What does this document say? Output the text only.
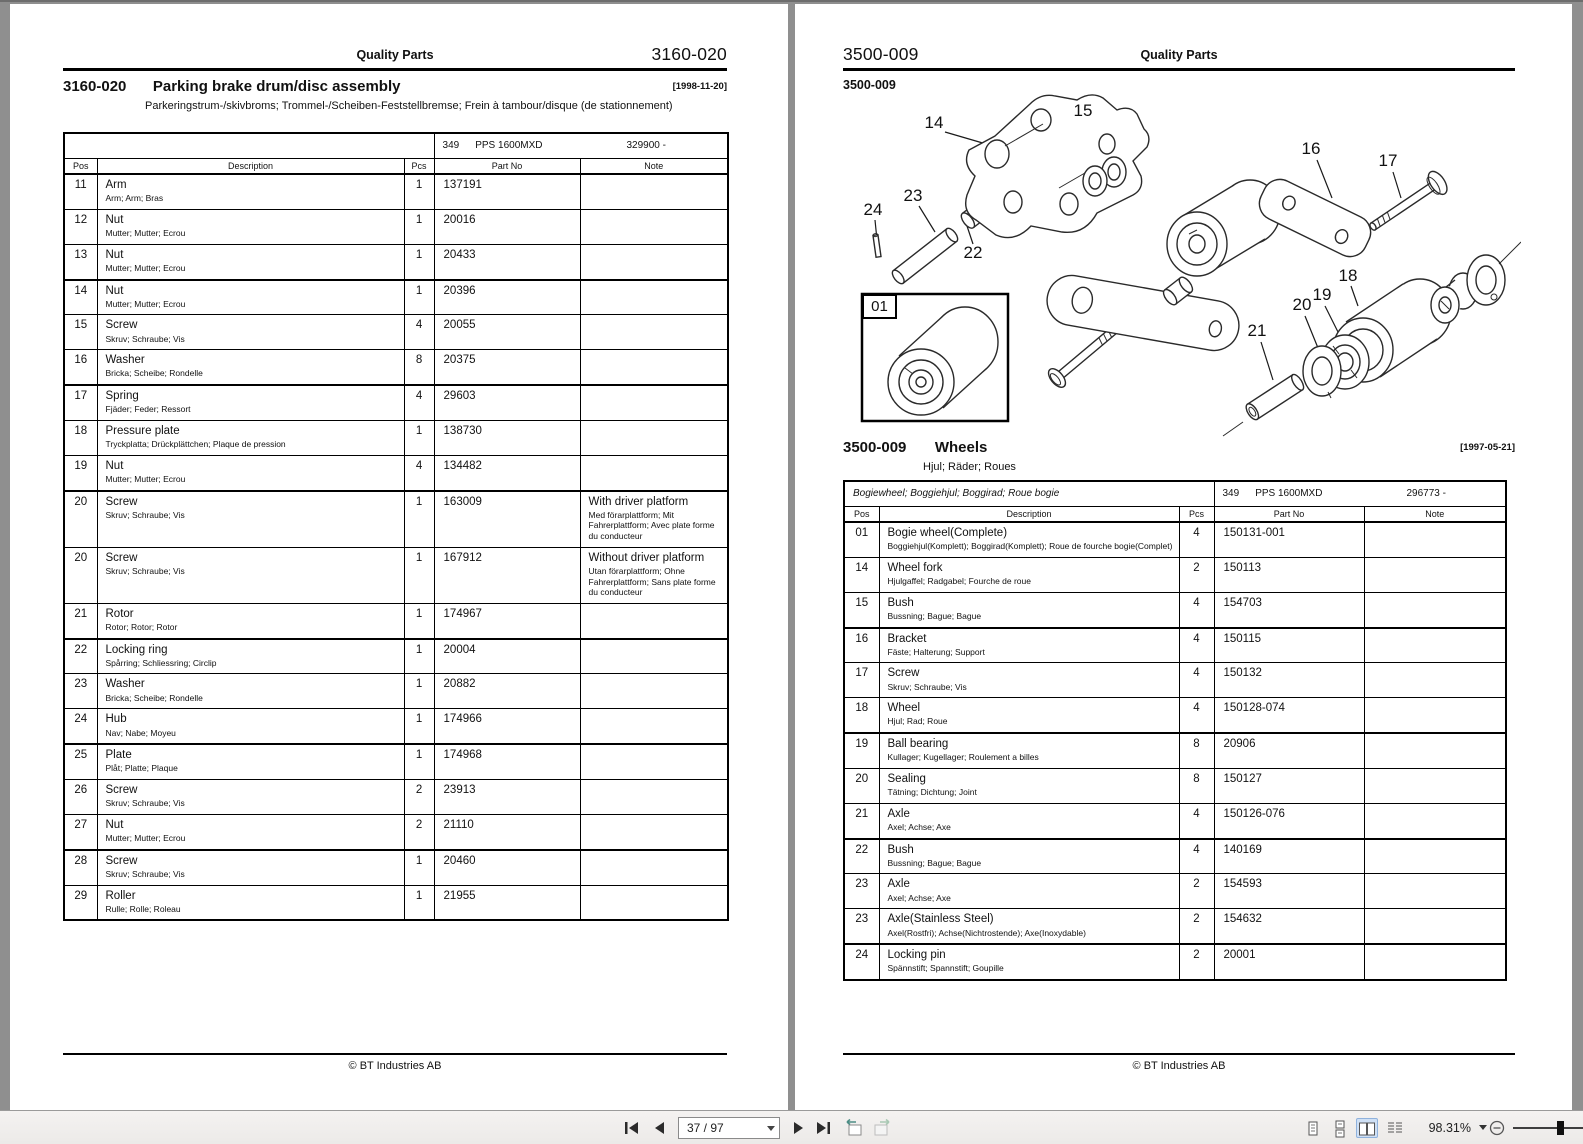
Quality Parts	3160-020
3160-020 Parking brake drum/disc assembly	[1998-11-20]
Parkeringstrum-/skivbroms; Trommel-/Scheiben-Feststellbremse; Frein à tambour/disque (de stationnement)

			349 PPS 1600MXD 329900 -	

Pos	Description	Pcs	Part No	Note
11	Arm
Arm; Arm; Bras	1	137191	

12	Nut
Mutter; Mutter; Ecrou	1	20016	

13	Nut
Mutter; Mutter; Ecrou	1	20433	

14	Nut
Mutter; Mutter; Ecrou	1	20396	

15	Screw
Skruv; Schraube; Vis	4	20055	

16	Washer
Bricka; Scheibe; Rondelle	8	20375	

17	Spring
Fjäder; Feder; Ressort	4	29603	

18	Pressure plate
Tryckplatta; Drückplättchen; Plaque de pression	1	138730	

19	Nut
Mutter; Mutter; Ecrou	4	134482	

20	Screw
Skruv; Schraube; Vis
	1	163009	With driver platform
Med förarplattform; Mit Fahrerplattform; Avec plate forme du conducteur

20	Screw
Skruv; Schraube; Vis
	1	167912	Without driver platform
Utan förarplattform; Ohne Fahrerplattform; Sans plate forme du conducteur

21	Rotor
Rotor; Rotor; Rotor	1	174967	

22	Locking ring
Spårring; Schliessring; Circlip	1	20004	

23	Washer
Bricka; Scheibe; Rondelle	1	20882	

24	Hub
Nav; Nabe; Moyeu	1	174966	

25	Plate
Plåt; Platte; Plaque	1	174968	

26	Screw
Skruv; Schraube; Vis	2	23913	

27	Nut
Mutter; Mutter; Ecrou	2	21110	

28	Screw
Skruv; Schraube; Vis	1	20460	

29	Roller
Rulle; Rolle; Roleau	1	21955	
© BT Industries AB
3500-009	Quality Parts
3500-009
14
15
16
17
23
24
22
21
20
19
18
01
3500-009 Wheels	[1997-05-21]
Hjul; Räder; Roues
Bogiewheel; Boggiehjul; Boggirad; Roue bogie			349 PPS 1600MXD 296773 -	

Pos	Description	Pcs	Part No	Note
01	Bogie wheel(Complete)
Boggiehjul(Komplett); Boggirad(Komplett); Roue de fourche bogie(Complet)	4	150131-001	

14	Wheel fork
Hjulgaffel; Radgabel; Fourche de roue	2	150113	

15	Bush
Bussning; Bague; Bague	4	154703	

16	Bracket
Fäste; Halterung; Support	4	150115	

17	Screw
Skruv; Schraube; Vis	4	150132	

18	Wheel
Hjul; Rad; Roue	4	150128-074	

19	Ball bearing
Kullager; Kugellager; Roulement a billes	8	20906	

20	Sealing
Tätning; Dichtung; Joint	8	150127	

21	Axle
Axel; Achse; Axe	4	150126-076	

22	Bush
Bussning; Bague; Bague	4	140169	

23	Axle
Axel; Achse; Axe	2	154593	

23	Axle(Stainless Steel)
Axel(Rostfri); Achse(Nichtrostende); Axe(Inoxydable)	2	154632	

24	Locking pin
Spännstift; Spannstift; Goupille	2	20001	
© BT Industries AB
37 / 97	98.31%
